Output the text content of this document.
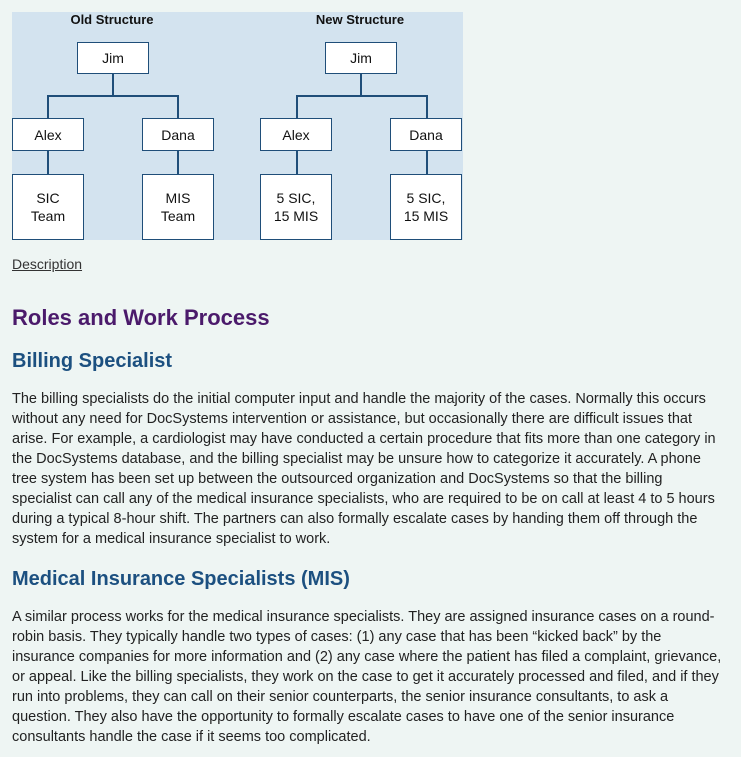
Old Structure
Jim
Alex	Dana
SIC
Team
MIS
Team
New Structure
Jim
Alex	Dana
5 SIC,
15 MIS
5 SIC,
15 MIS
Description
Roles and Work Process
Billing Specialist

The billing specialists do the initial computer input and handle the majority of the cases. Normally this occurs without any need for DocSystems intervention or assistance, but occasionally there are difficult issues that arise. For example, a cardiologist may have conducted a certain procedure that fits more than one category in the DocSystems database, and the billing specialist may be unsure how to categorize it accurately. A phone tree system has been set up between the outsourced organization and DocSystems so that the billing specialist can call any of the medical insurance specialists, who are required to be on call at least 4 to 5 hours during a typical 8-hour shift. The partners can also formally escalate cases by handing them off through the system for a medical insurance specialist to work.

Medical Insurance Specialists (MIS)

A similar process works for the medical insurance specialists. They are assigned insurance cases on a round-robin basis. They typically handle two types of cases: (1) any case that has been “kicked back” by the insurance companies for more information and (2) any case where the patient has filed a complaint, grievance, or appeal. Like the billing specialists, they work on the case to get it accurately processed and filed, and if they run into problems, they can call on their senior counterparts, the senior insurance consultants, to ask a question. They also have the opportunity to formally escalate cases to have one of the senior insurance consultants handle the case if it seems too complicated.
